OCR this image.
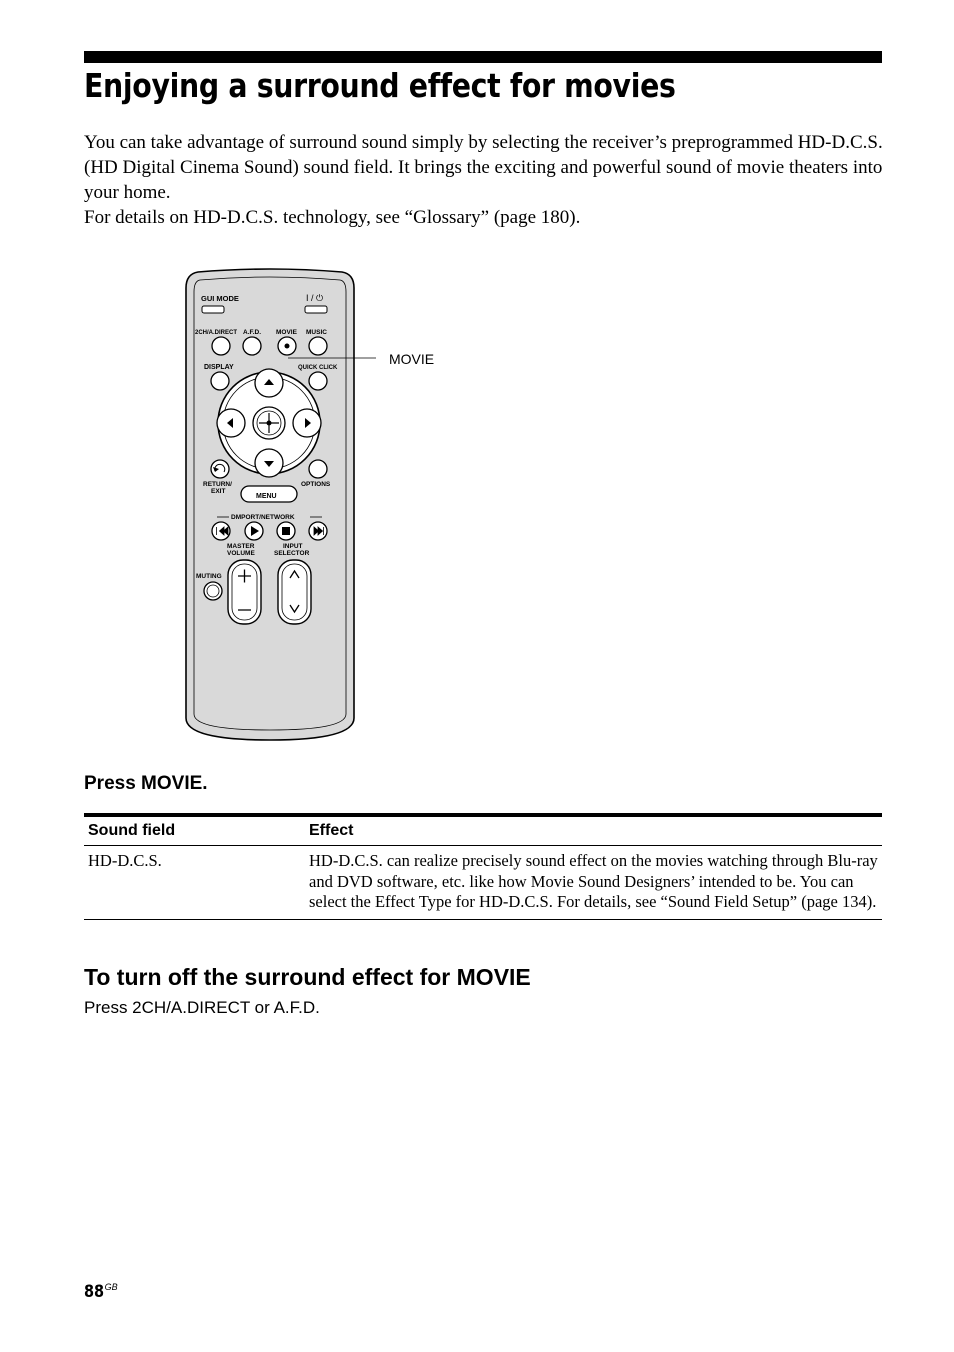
Enjoying a surround effect for movies

You can take advantage of surround sound simply by selecting the receiver’s preprogrammed HD-D.C.S. (HD Digital Cinema Sound) sound field. It brings the exciting and powerful sound of movie theaters into your home.

For details on HD-D.C.S. technology, see “Glossary” (page 180).

GUI MODE	I / ⏻
2CH/A.DIRECT A.F.D. MOVIE MUSIC
MOVIE
DISPLAY	QUICK CLICK
RETURN/
EXIT
OPTIONS
MENU
DMPORT/NETWORK
MASTER
VOLUME
INPUT
SELECTOR
MUTING
Press MOVIE.
Sound field	Effect
HD-D.C.S.	HD-D.C.S. can realize precisely sound effect on the movies watching through Blu-ray and DVD software, etc. like how Movie Sound Designers’ intended to be. You can select the Effect Type for HD-D.C.S. For details, see “Sound Field Setup” (page 134).
To turn off the surround effect for MOVIE

Press 2CH/A.DIRECT or A.F.D.

$88^{GB}$
